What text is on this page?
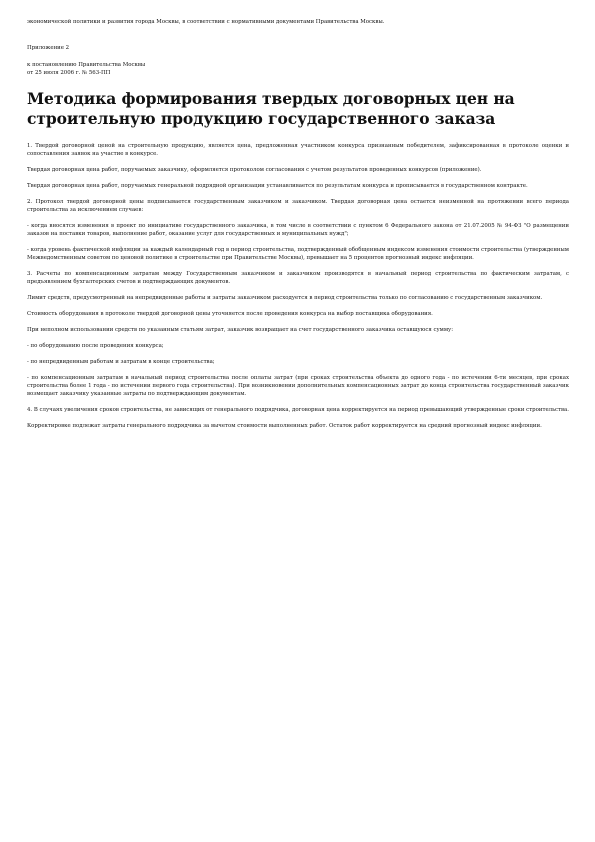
экономической политики и развития города Москвы, в соответствии с нормативными документами Правительства Москвы.

Приложение 2

к постановлению Правительства Москвы

от 25 июля 2006 г. № 563-ПП

Методика формирования твердых договорных цен на строительную продукцию государственного заказа

1. Твердой договорной ценой на строительную продукцию, является цена, предложенная участником конкурса признанным победителем, зафиксированная в протоколе оценки и сопоставления заявок на участие в конкурсе.

Твердая договорная цена работ, поручаемых заказчику, оформляется протоколом согласования с учетом результатов проведенных конкурсов (приложение).

Твердая договорная цена работ, поручаемых генеральной подрядной организации устанавливается по результатам конкурса и прописывается в государственном контракте.

2. Протокол твердой договорной цены подписывается государственным заказчиком и заказчиком. Твердая договорная цена остается неизменной на протяжении всего периода строительства за исключением случаев:

- когда вносятся изменения в проект по инициативе государственного заказчика, в том числе в соответствии с пунктом 6 Федерального закона от 21.07.2005 № 94-ФЗ "О размещении заказов на поставки товаров, выполнение работ, оказание услуг для государственных и муниципальных нужд";

- когда уровень фактической инфляции за каждый календарный год в период строительства, подтвержденный обобщенным индексом изменения стоимости строительства (утвержденным Межведомственным советом по ценовой политике в строительстве при Правительстве Москвы), превышает на 5 процентов прогнозный индекс инфляции.

3. Расчеты по компенсационным затратам между Государственным заказчиком и заказчиком производятся в начальный период строительства по фактическим затратам, с предъявлением бухгалтерских счетов и подтверждающих документов.

Лимит средств, предусмотренный на непредвиденные работы и затраты заказчиком расходуется в период строительства только по согласованию с государственным заказчиком.

Стоимость оборудования в протоколе твердой договорной цены уточняется после проведения конкурса на выбор поставщика оборудования.

При неполном использовании средств по указанным статьям затрат, заказчик возвращает на счет государственного заказчика оставшуюся сумму:

- по оборудованию после проведения конкурса;

- по непредвиденным работам и затратам в конце строительства;

- по компенсационным затратам в начальный период строительства после оплаты затрат (при сроках строительства объекта до одного года - по истечении 6-ти месяцев, при сроках строительства более 1 года - по истечении первого года строительства). При возникновении дополнительных компенсационных затрат до конца строительства государственный заказчик возмещает заказчику указанные затраты по подтверждающим документам.

4. В случаях увеличения сроков строительства, не зависящих от генерального подрядчика, договорная цена корректируется на период превышающий утвержденные сроки строительства.

Корректировке подлежат затраты генерального подрядчика за вычетом стоимости выполненных работ. Остаток работ корректируется на средний прогнозный индекс инфляции.
